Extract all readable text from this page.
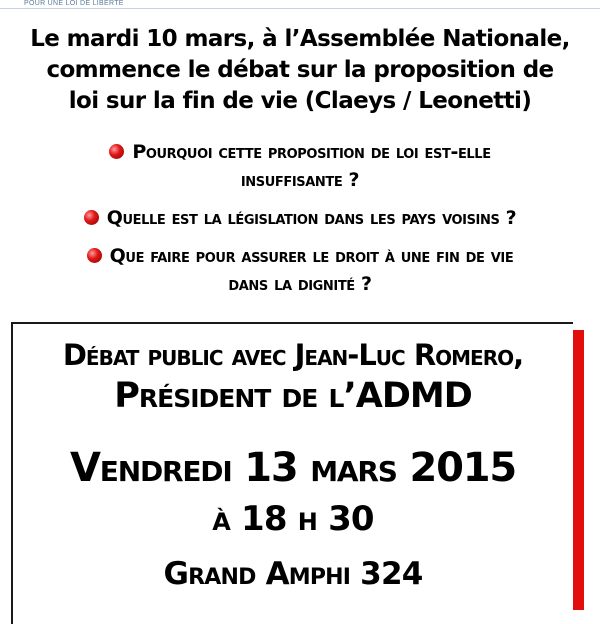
POUR UNE LOI DE LIBERTÉ
Le mardi 10 mars, à l’Assemblée Nationale,
commence le débat sur la proposition de
loi sur la fin de vie (Claeys / Leonetti)
Pourquoi cette proposition de loi est-elle
insuffisante ?
Quelle est la législation dans les pays voisins ?
Que faire pour assurer le droit à une fin de vie
dans la dignité ?
Débat public avec Jean-Luc Romero,
Président de l’ADMD
Vendredi 13 mars 2015
à 18 h 30
Grand Amphi 324
